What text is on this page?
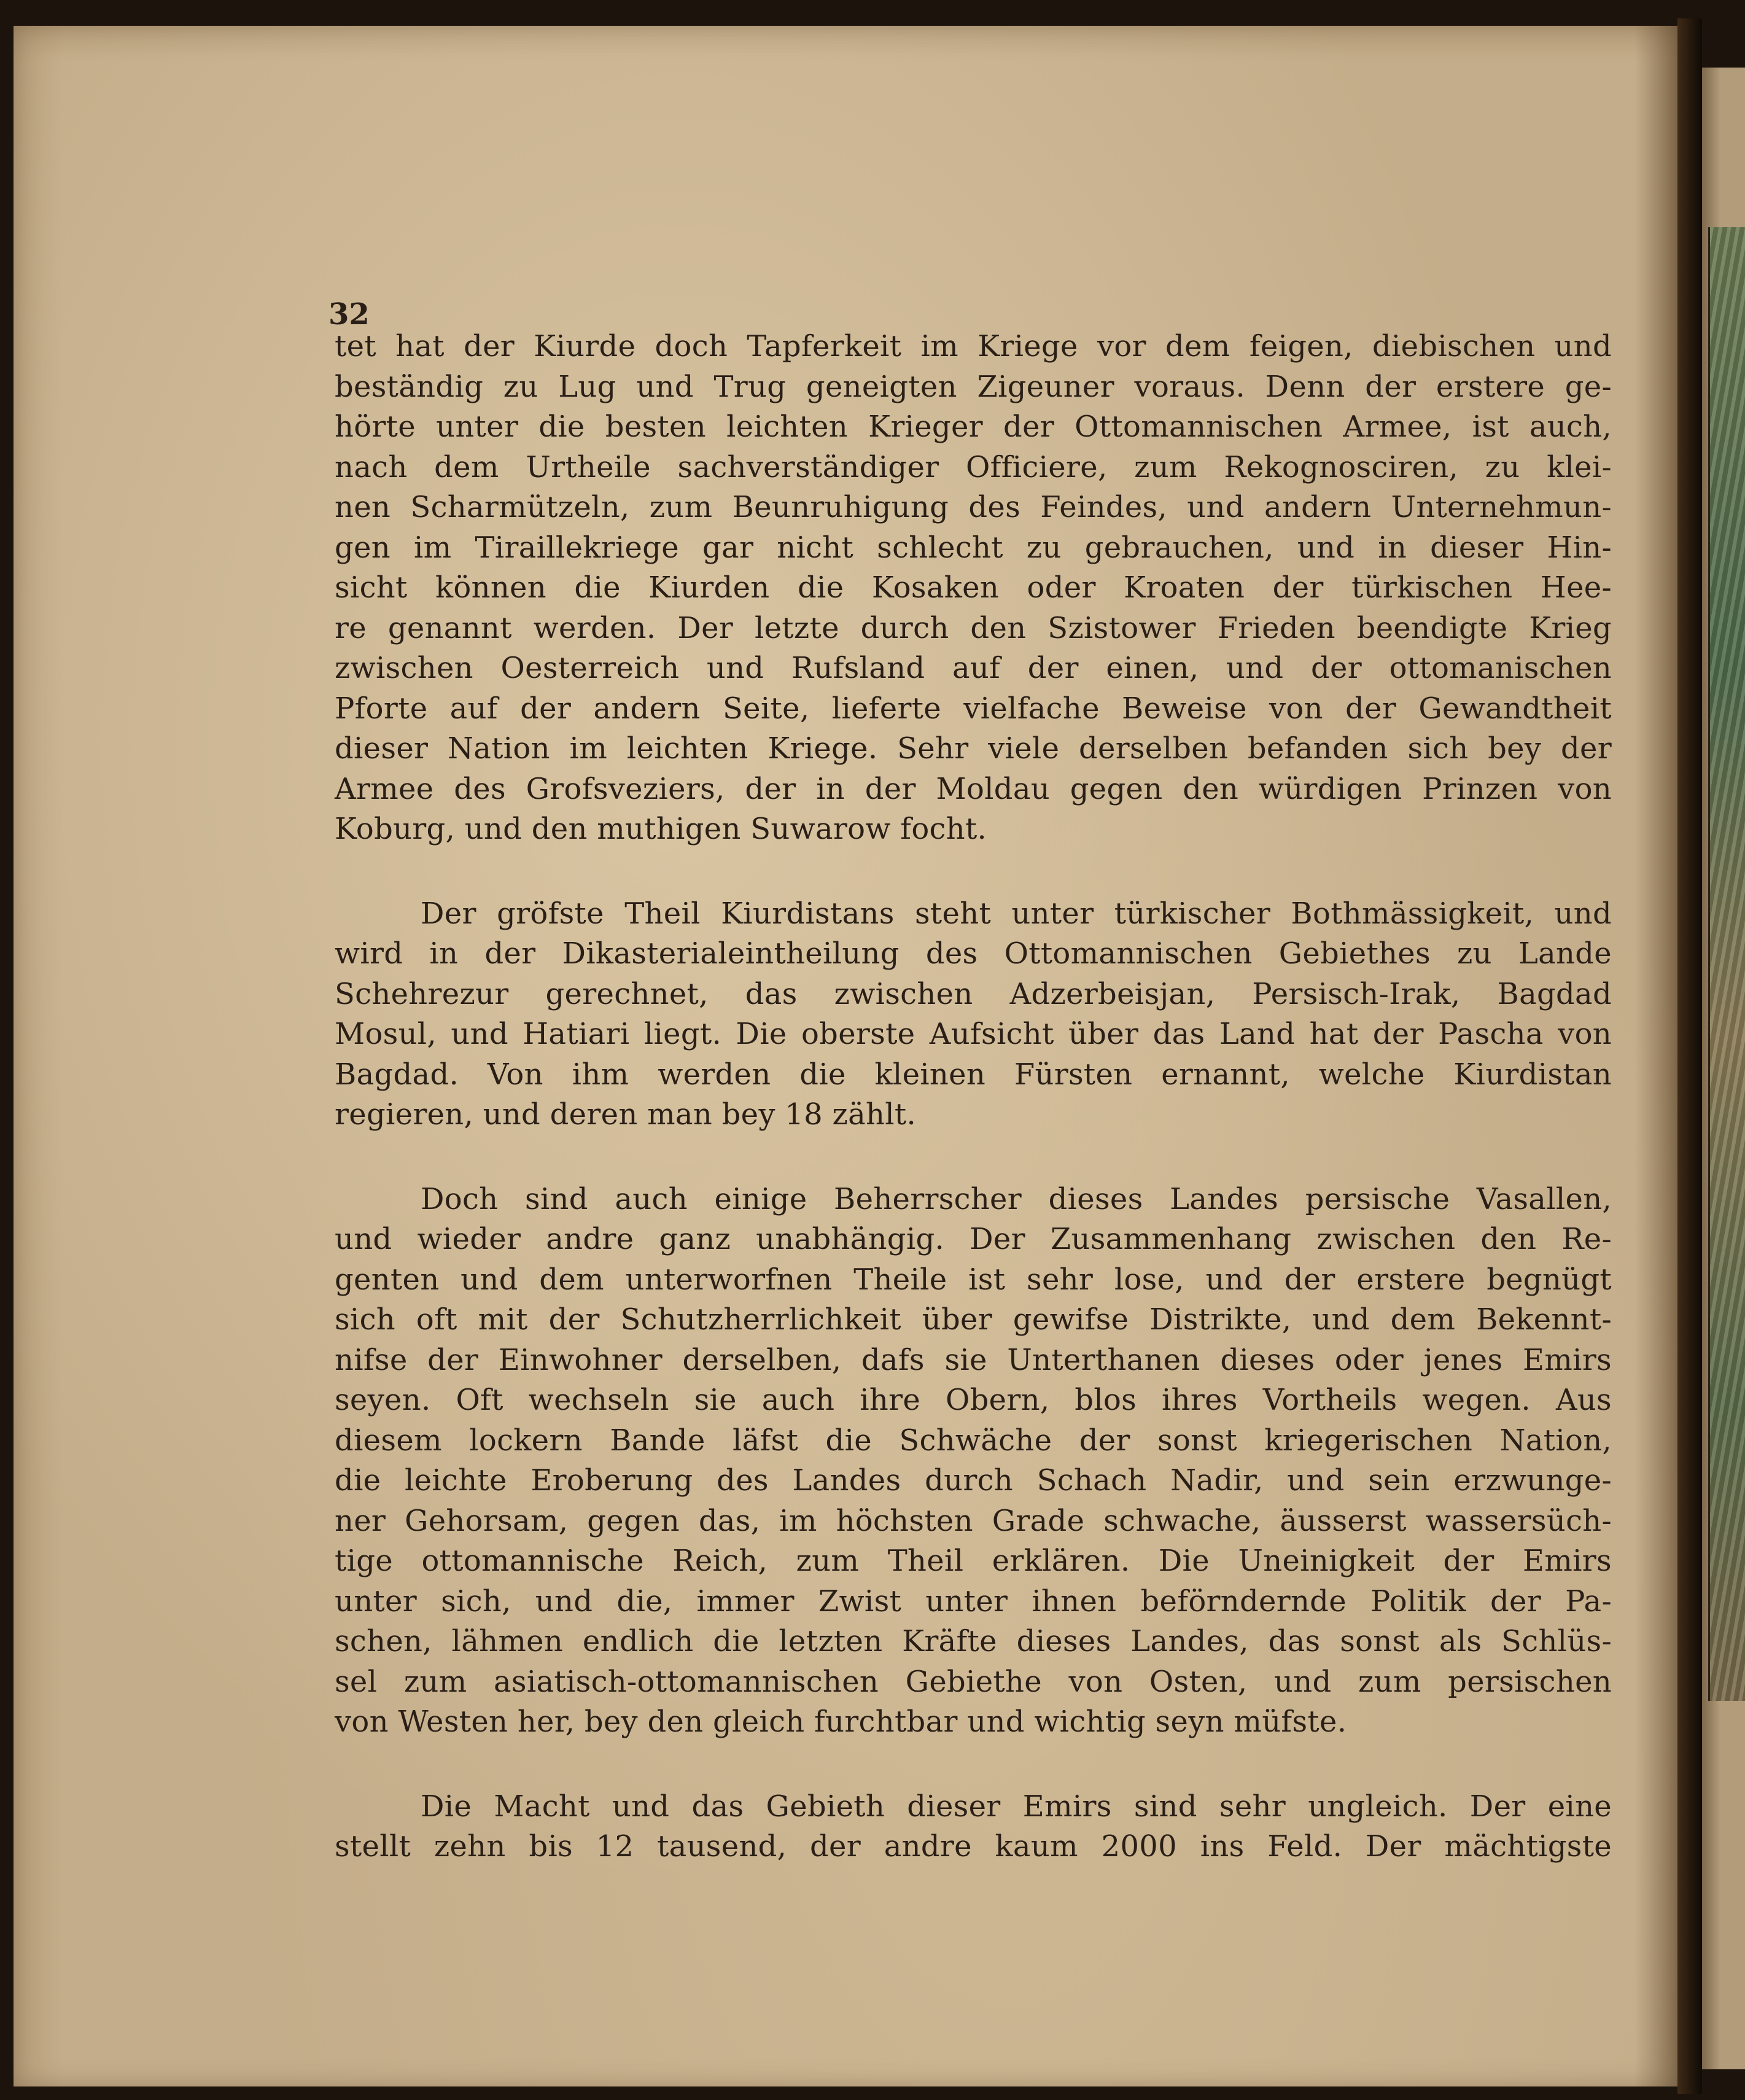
32
tet hat der Kiurde doch Tapferkeit im Kriege vor dem feigen, diebischen und
beständig zu Lug und Trug geneigten Zigeuner voraus. Denn der erstere ge-
hörte unter die besten leichten Krieger der Ottomannischen Armee, ist auch,
nach dem Urtheile sachverständiger Officiere, zum Rekognosciren, zu klei-
nen Scharmützeln, zum Beunruhigung des Feindes, und andern Unternehmun-
gen im Tiraillekriege gar nicht schlecht zu gebrauchen, und in dieser Hin-
sicht können die Kiurden die Kosaken oder Kroaten der türkischen Hee-
re genannt werden. Der letzte durch den Szistower Frieden beendigte Krieg
zwischen Oesterreich und Rufsland auf der einen, und der ottomanischen
Pforte auf der andern Seite, lieferte vielfache Beweise von der Gewandtheit
dieser Nation im leichten Kriege. Sehr viele derselben befanden sich bey der
Armee des Grofsveziers, der in der Moldau gegen den würdigen Prinzen von
Koburg, und den muthigen Suwarow focht.
Der gröfste Theil Kiurdistans steht unter türkischer Bothmässigkeit, und
wird in der Dikasterialeintheilung des Ottomannischen Gebiethes zu Lande
Schehrezur gerechnet, das zwischen Adzerbeisjan, Persisch-Irak, Bagdad
Mosul, und Hatiari liegt. Die oberste Aufsicht über das Land hat der Pascha von
Bagdad. Von ihm werden die kleinen Fürsten ernannt, welche Kiurdistan
regieren, und deren man bey 18 zählt.
Doch sind auch einige Beherrscher dieses Landes persische Vasallen,
und wieder andre ganz unabhängig. Der Zusammenhang zwischen den Re-
genten und dem unterworfnen Theile ist sehr lose, und der erstere begnügt
sich oft mit der Schutzherrlichkeit über gewifse Distrikte, und dem Bekennt-
nifse der Einwohner derselben, dafs sie Unterthanen dieses oder jenes Emirs
seyen. Oft wechseln sie auch ihre Obern, blos ihres Vortheils wegen. Aus
diesem lockern Bande läfst die Schwäche der sonst kriegerischen Nation,
die leichte Eroberung des Landes durch Schach Nadir, und sein erzwunge-
ner Gehorsam, gegen das, im höchsten Grade schwache, äusserst wassersüch-
tige ottomannische Reich, zum Theil erklären. Die Uneinigkeit der Emirs
unter sich, und die, immer Zwist unter ihnen beförndernde Politik der Pa-
schen, lähmen endlich die letzten Kräfte dieses Landes, das sonst als Schlüs-
sel zum asiatisch-ottomannischen Gebiethe von Osten, und zum persischen
von Westen her, bey den gleich furchtbar und wichtig seyn müfste.
Die Macht und das Gebieth dieser Emirs sind sehr ungleich. Der eine
stellt zehn bis 12 tausend, der andre kaum 2000 ins Feld. Der mächtigste
